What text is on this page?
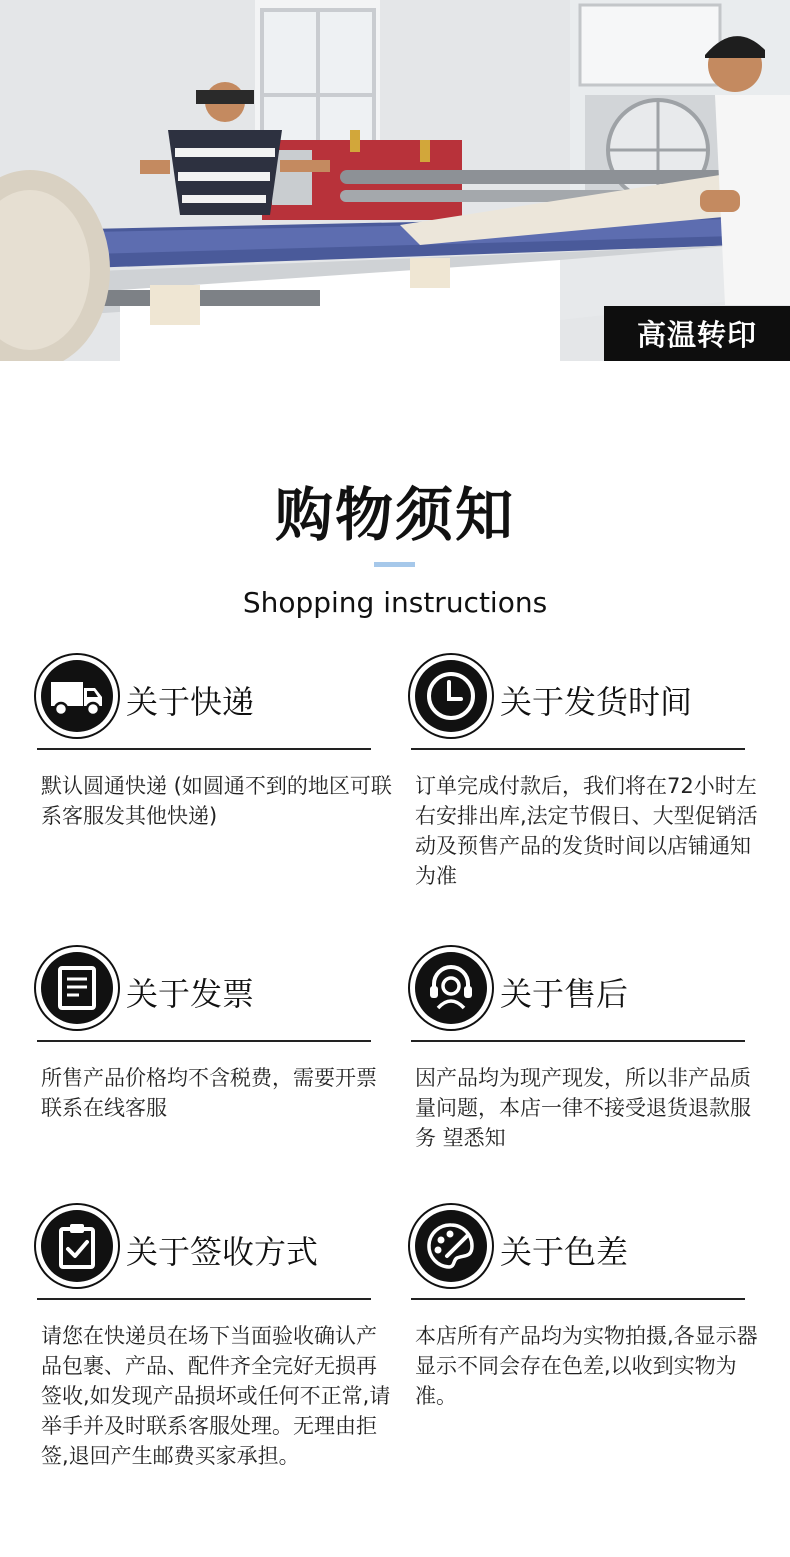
高温转印
购物须知
Shopping instructions
关于快递
默认圆通快递 (如圆通不到的地区可联系客服发其他快递)
关于发货时间
订单完成付款后，我们将在72小时左右安排出库,法定节假日、大型促销活动及预售产品的发货时间以店铺通知为准
关于发票
所售产品价格均不含税费，需要开票联系在线客服
关于售后
因产品均为现产现发，所以非产品质量问题，本店一律不接受退货退款服务 望悉知
关于签收方式
请您在快递员在场下当面验收确认产品包裹、产品、配件齐全完好无损再签收,如发现产品损坏或任何不正常,请举手并及时联系客服处理。无理由拒签,退回产生邮费买家承担。
关于色差
本店所有产品均为实物拍摄,各显示器显示不同会存在色差,以收到实物为准。
